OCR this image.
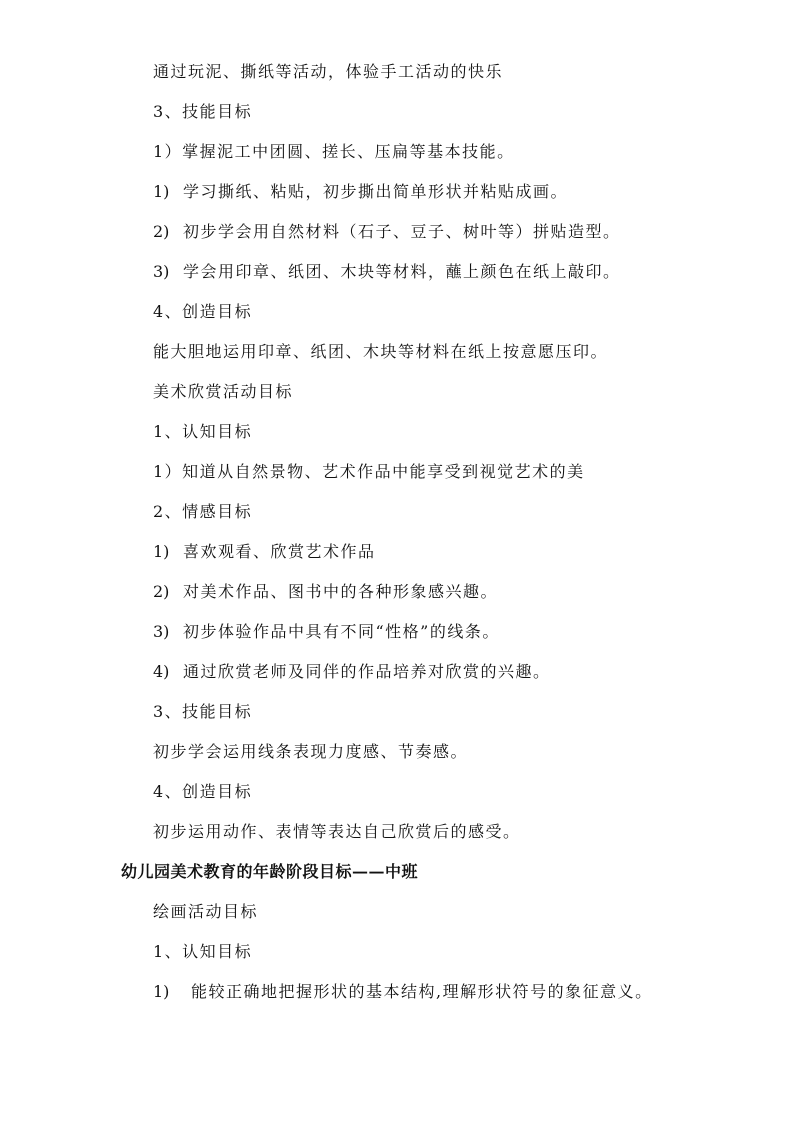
通过玩泥、撕纸等活动，体验手工活动的快乐
3、技能目标
1）掌握泥工中团圆、搓长、压扁等基本技能。
1) 学习撕纸、粘贴，初步撕出简单形状并粘贴成画。
2) 初步学会用自然材料（石子、豆子、树叶等）拼贴造型。
3) 学会用印章、纸团、木块等材料，蘸上颜色在纸上敲印。
4、创造目标
能大胆地运用印章、纸团、木块等材料在纸上按意愿压印。
美术欣赏活动目标
1、认知目标
1）知道从自然景物、艺术作品中能享受到视觉艺术的美
2、情感目标
1) 喜欢观看、欣赏艺术作品
2) 对美术作品、图书中的各种形象感兴趣。
3) 初步体验作品中具有不同“性格”的线条。
4) 通过欣赏老师及同伴的作品培养对欣赏的兴趣。
3、技能目标
初步学会运用线条表现力度感、节奏感。
4、创造目标
初步运用动作、表情等表达自己欣赏后的感受。
幼儿园美术教育的年龄阶段目标——中班
绘画活动目标
1、认知目标
1) 能较正确地把握形状的基本结构,理解形状符号的象征意义。
